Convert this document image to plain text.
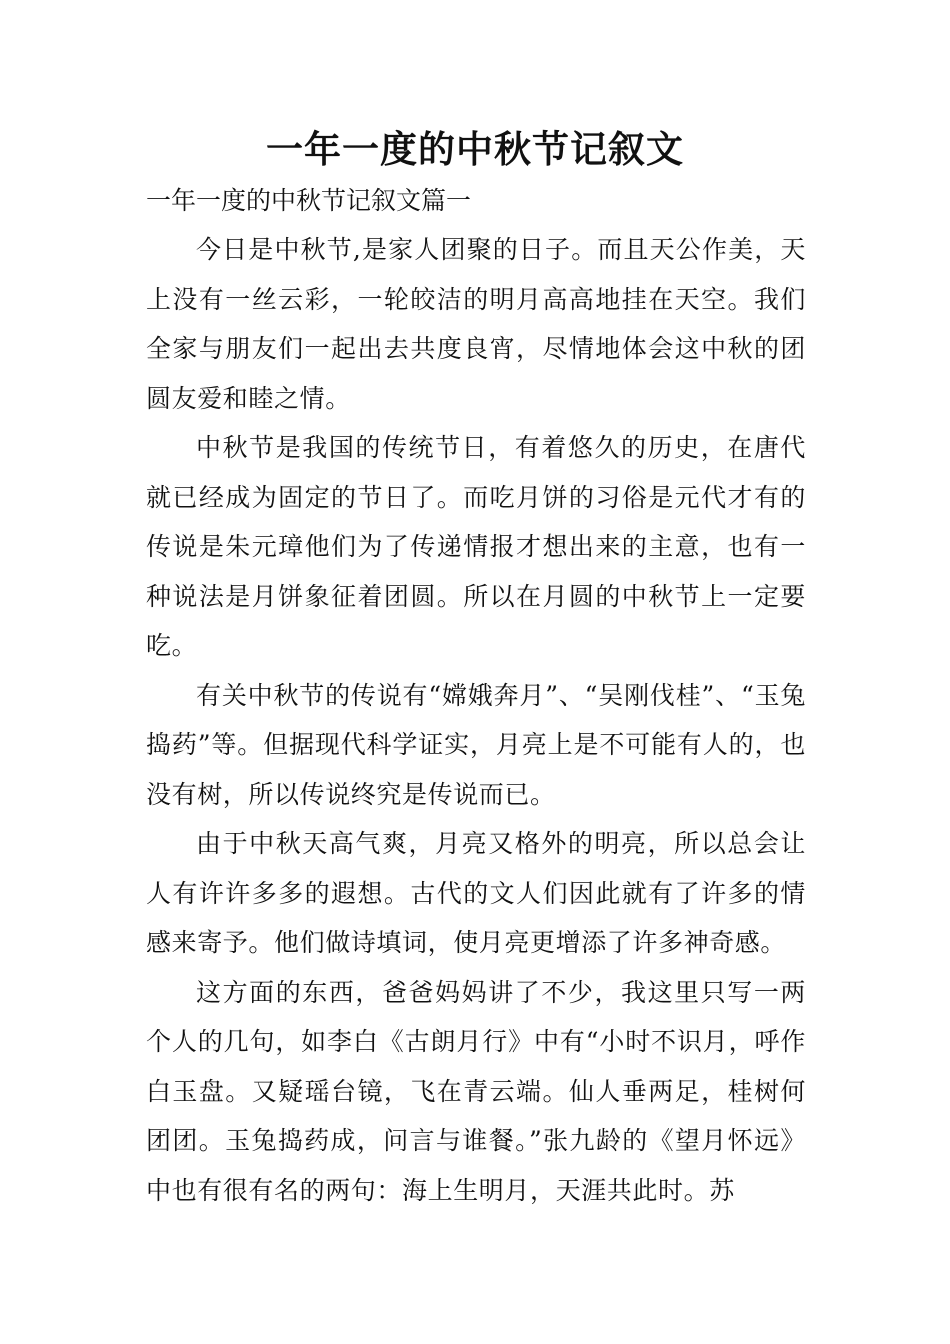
一年一度的中秋节记叙文

一年一度的中秋节记叙文篇一

今日是中秋节,是家人团聚的日子。而且天公作美，天上没有一丝云彩，一轮皎洁的明月高高地挂在天空。我们全家与朋友们一起出去共度良宵，尽情地体会这中秋的团圆友爱和睦之情。

中秋节是我国的传统节日，有着悠久的历史，在唐代就已经成为固定的节日了。而吃月饼的习俗是元代才有的传说是朱元璋他们为了传递情报才想出来的主意，也有一种说法是月饼象征着团圆。所以在月圆的中秋节上一定要吃。

有关中秋节的传说有“嫦娥奔月”、“吴刚伐桂”、“玉兔捣药”等。但据现代科学证实，月亮上是不可能有人的，也没有树，所以传说终究是传说而已。

由于中秋天高气爽，月亮又格外的明亮，所以总会让人有许许多多的遐想。古代的文人们因此就有了许多的情感来寄予。他们做诗填词，使月亮更增添了许多神奇感。

这方面的东西，爸爸妈妈讲了不少，我这里只写一两个人的几句，如李白《古朗月行》中有“小时不识月，呼作白玉盘。又疑瑶台镜，飞在青云端。仙人垂两足，桂树何团团。玉兔捣药成，问言与谁餐。”张九龄的《望月怀远》中也有很有名的两句：海上生明月，天涯共此时。苏
